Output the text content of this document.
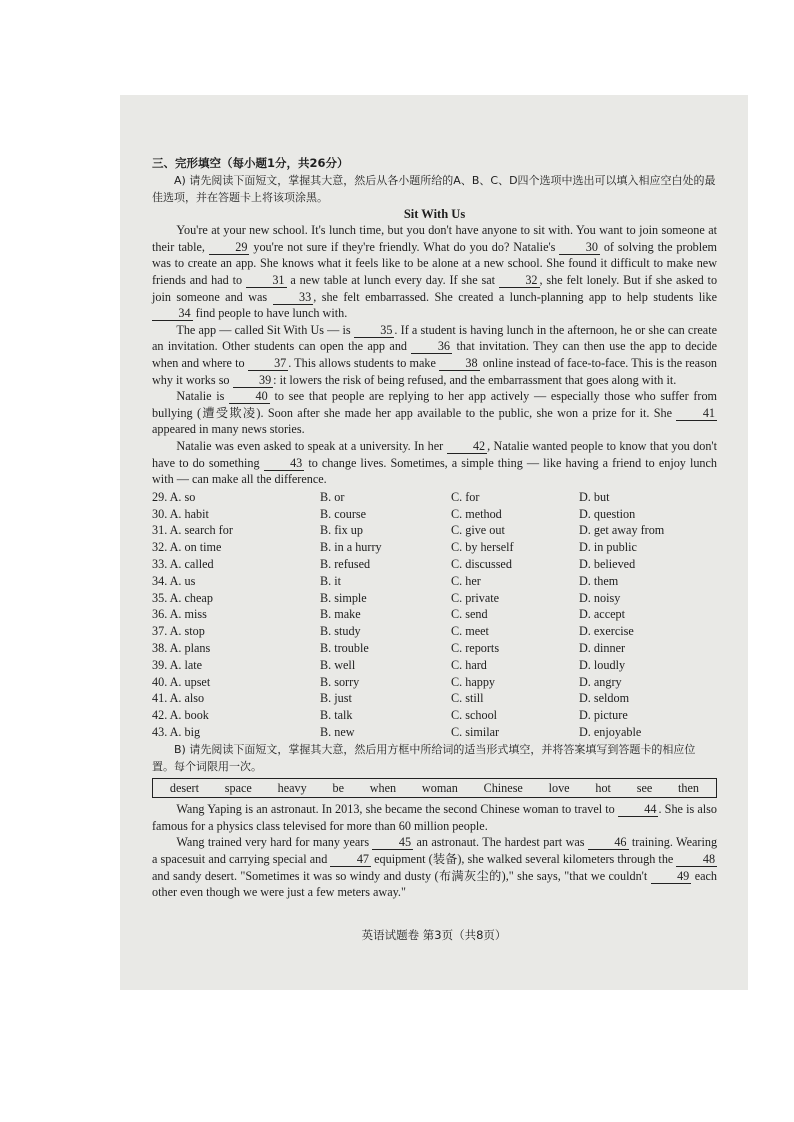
三、完形填空（每小题1分，共26分）

A) 请先阅读下面短文，掌握其大意，然后从各小题所给的A、B、C、D四个选项中选出可以填入相应空白处的最佳选项，并在答题卡上将该项涂黑。

Sit With Us

You're at your new school. It's lunch time, but you don't have anyone to sit with. You want to join someone at their table, 29 you're not sure if they're friendly. What do you do? Natalie's 30 of solving the problem was to create an app. She knows what it feels like to be alone at a new school. She found it difficult to make new friends and had to 31 a new table at lunch every day. If she sat 32 , she felt lonely. But if she asked to join someone and was	33 , she felt embarrassed. She created a lunch-planning app to help students like 34 find people to have lunch with.

The app — called Sit With Us — is 35 . If a student is having lunch in the afternoon, he or she can create an invitation. Other students can open the app and	36 that invitation. They can then use the app to decide when and where to 37 . This allows students to make 38 online instead of face-to-face. This is the reason why it works so 39 : it lowers the risk of being refused, and the embarrassment that goes along with it.

Natalie is	40 to see that people are replying to her app actively — especially those who suffer from bullying (遭受欺凌). Soon after she made her app available to the public, she won a prize for it. She	41 appeared in many news stories.

Natalie was even asked to speak at a university. In her 42 , Natalie wanted people to know that you don't have to do something 43 to change lives. Sometimes, a simple thing — like having a friend to enjoy lunch with — can make all the difference.

29. A. so	B. or	C. for	D. but
30. A. habit	B. course	C. method	D. question
31. A. search for	B. fix up	C. give out	D. get away from
32. A. on time	B. in a hurry	C. by herself	D. in public
33. A. called	B. refused	C. discussed	D. believed
34. A. us	B. it	C. her	D. them
35. A. cheap	B. simple	C. private	D. noisy
36. A. miss	B. make	C. send	D. accept
37. A. stop	B. study	C. meet	D. exercise
38. A. plans	B. trouble	C. reports	D. dinner
39. A. late	B. well	C. hard	D. loudly
40. A. upset	B. sorry	C. happy	D. angry
41. A. also	B. just	C. still	D. seldom
42. A. book	B. talk	C. school	D. picture
43. A. big	B. new	C. similar	D. enjoyable

B) 请先阅读下面短文，掌握其大意，然后用方框中所给词的适当形式填空，并将答案填写到答题卡的相应位置。每个词限用一次。

desert space heavy be when woman Chinese love hot see then

Wang Yaping is an astronaut. In 2013, she became the second Chinese woman to travel to 44 . She is also famous for a physics class televised for more than 60 million people.

Wang trained very hard for many years 45 an astronaut. The hardest part was 46 training. Wearing a spacesuit and carrying special and 47 equipment (装备), she walked several kilometers through the 48 and sandy desert. "Sometimes it was so windy and dusty (布满灰尘的)," she says, "that we couldn't 49 each other even though we were just a few meters away."

英语试题卷 第3页（共8页）
